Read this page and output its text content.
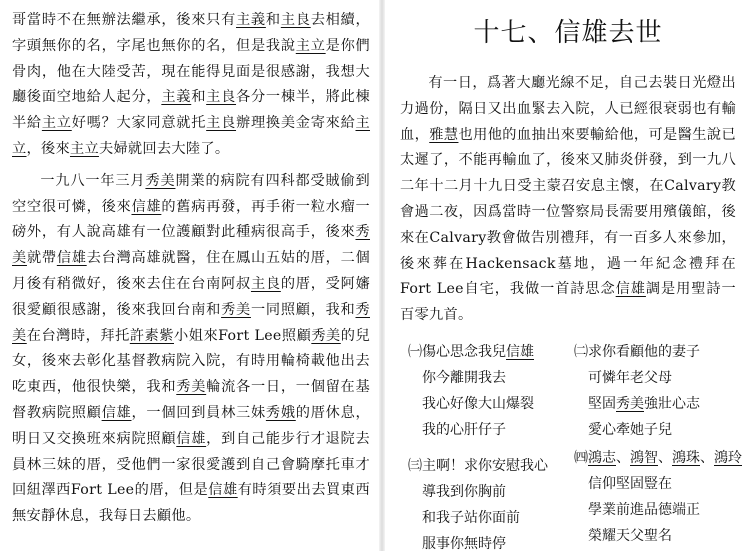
哥當時不在無辦法繼承，後來只有主義和主良去相續，字頭無你的名，字尾也無你的名，但是我說主立是你們骨肉，他在大陸受苦，現在能得見面是很感謝，我想大廳後面空地給人起分，主義和主良各分一棟半，將此棟半給主立好嗎？大家同意就托主良辦理換美金寄來給主立，後來主立夫婦就回去大陸了。

一九八一年三月秀美開業的病院有四科都受賊偷到空空很可憐，後來信雄的舊病再發，再手術一粒水瘤一磅外，有人說高雄有一位護顧對此種病很高手，後來秀美就帶信雄去台灣高雄就醫，住在鳳山五姑的厝，二個月後有稍微好，後來去住在台南阿叔主良的厝，受阿嬸很愛顧很感謝，後來我回台南和秀美一同照顧，我和秀美在台灣時，拜托許素紫小姐來Fort Lee照顧秀美的兒女，後來去彰化基督教病院入院，有時用輪椅載他出去吃東西，他很快樂，我和秀美輪流各一日，一個留在基督教病院照顧信雄，一個回到員林三妹秀娥的厝休息，明日又交換班來病院照顧信雄，到自己能步行才退院去員林三妹的厝，受他們一家很愛護到自己會騎摩托車才回紐澤西Fort Lee的厝，但是信雄有時須要出去買東西無安靜休息，我每日去顧他。

十七、信雄去世

有一日，爲著大廳光線不足，自己去裝日光燈出力過份，隔日又出血緊去入院，人已經很衰弱也有輸血，雅慧也用他的血抽出來要輸給他，可是醫生說已太遲了，不能再輸血了，後來又肺炎併發，到一九八二年十二月十九日受主蒙召安息主懷，在Calvary教會過二夜，因爲當時一位警察局長需要用殯儀館，後來在Calvary教會做告別禮拜，有一百多人來參加，後來葬在Hackensack墓地，過一年紀念禮拜在Fort Lee自宅，我做一首詩思念信雄調是用聖詩一百零九首。

㈠傷心思念我兒信雄
你今離開我去
我心好像大山爆裂
我的心肝仔子
㈡求你看顧他的妻子
可憐年老父母
堅固秀美強壯心志
愛心牽她子兒
㈢主啊！求你安慰我心
導我到你胸前
和我子站你面前
服事你無時停
㈣鴻志、鴻智、鴻珠、鴻玲
信仰堅固豎在
學業前進品德端正
榮耀天父聖名
